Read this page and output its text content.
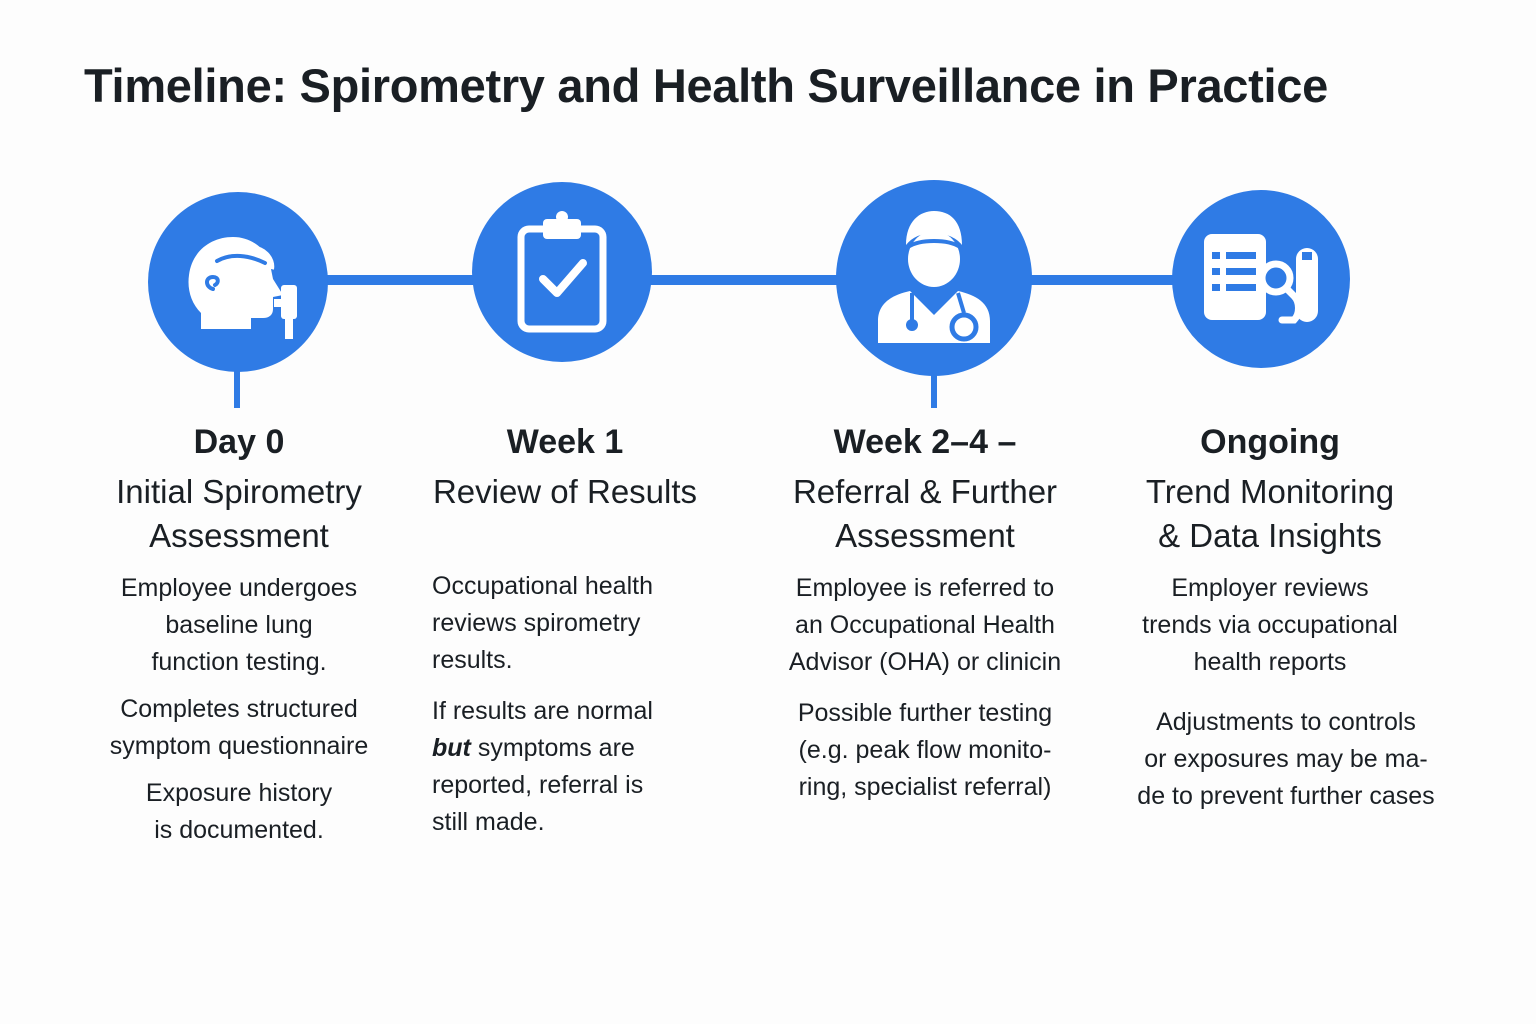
Timeline: Spirometry and Health Surveillance in Practice
Day 0
Initial Spirometry
Assessment
Employee undergoes
baseline lung
function testing.
Completes structured
symptom questionnaire
Exposure history
is documented.
Week 1
Review of Results
Occupational health
reviews spirometry
results.
If results are normal
but symptoms are
reported, referral is
still made.
Week 2–4 –
Referral & Further
Assessment
Employee is referred to
an Occupational Health
Advisor (OHA) or clinicin
Possible further testing
(e.g. peak flow monito-
ring, specialist referral)
Ongoing
Trend Monitoring
& Data Insights
Employer reviews
trends via occupational
health reports
Adjustments to controls
or exposures may be ma-
de to prevent further cases
